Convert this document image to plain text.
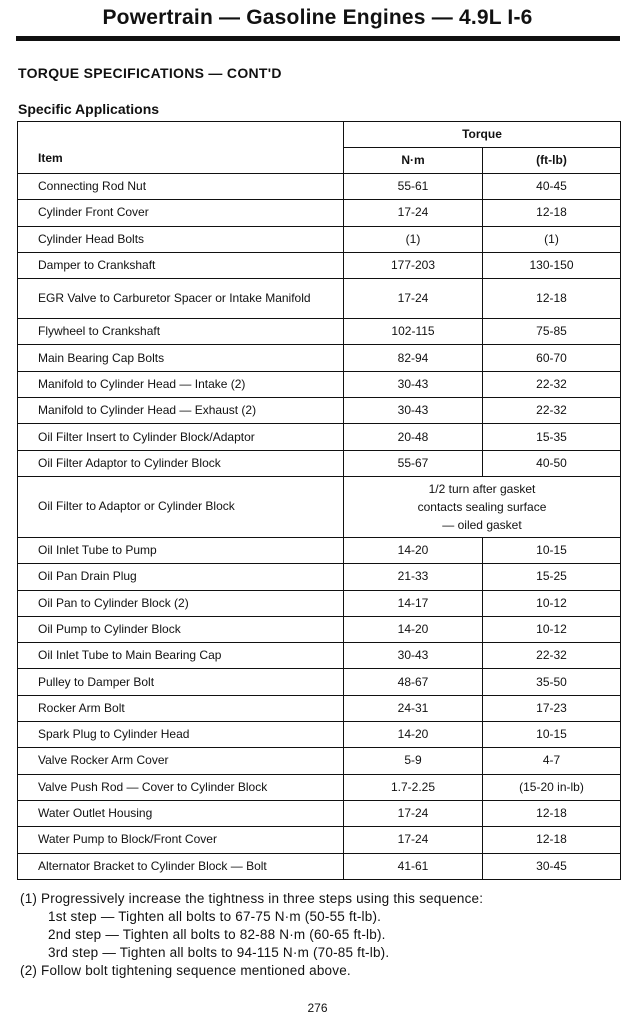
Powertrain — Gasoline Engines — 4.9L I-6
TORQUE SPECIFICATIONS — CONT'D
Specific Applications
Item	Torque	
	N·m	(ft-lb)
Connecting Rod Nut	55-61	40-45
Cylinder Front Cover	17-24	12-18
Cylinder Head Bolts	(1)	(1)
Damper to Crankshaft	177-203	130-150
EGR Valve to Carburetor Spacer or Intake Manifold	17-24	12-18
Flywheel to Crankshaft	102-115	75-85
Main Bearing Cap Bolts	82-94	60-70
Manifold to Cylinder Head — Intake (2)	30-43	22-32
Manifold to Cylinder Head — Exhaust (2)	30-43	22-32
Oil Filter Insert to Cylinder Block/Adaptor	20-48	15-35
Oil Filter Adaptor to Cylinder Block	55-67	40-50
Oil Filter to Adaptor or Cylinder Block	1/2 turn after gasket
contacts sealing surface
— oiled gasket	

Oil Inlet Tube to Pump	14-20	10-15
Oil Pan Drain Plug	21-33	15-25
Oil Pan to Cylinder Block (2)	14-17	10-12
Oil Pump to Cylinder Block	14-20	10-12
Oil Inlet Tube to Main Bearing Cap	30-43	22-32
Pulley to Damper Bolt	48-67	35-50
Rocker Arm Bolt	24-31	17-23
Spark Plug to Cylinder Head	14-20	10-15
Valve Rocker Arm Cover	5-9	4-7
Valve Push Rod — Cover to Cylinder Block	1.7-2.25	(15-20 in-lb)
Water Outlet Housing	17-24	12-18
Water Pump to Block/Front Cover	17-24	12-18
Alternator Bracket to Cylinder Block — Bolt	41-61	30-45
(1) Progressively increase the tightness in three steps using this sequence:
1st step — Tighten all bolts to 67-75 N·m (50-55 ft-lb).
2nd step — Tighten all bolts to 82-88 N·m (60-65 ft-lb).
3rd step — Tighten all bolts to 94-115 N·m (70-85 ft-lb).
(2) Follow bolt tightening sequence mentioned above.
276
